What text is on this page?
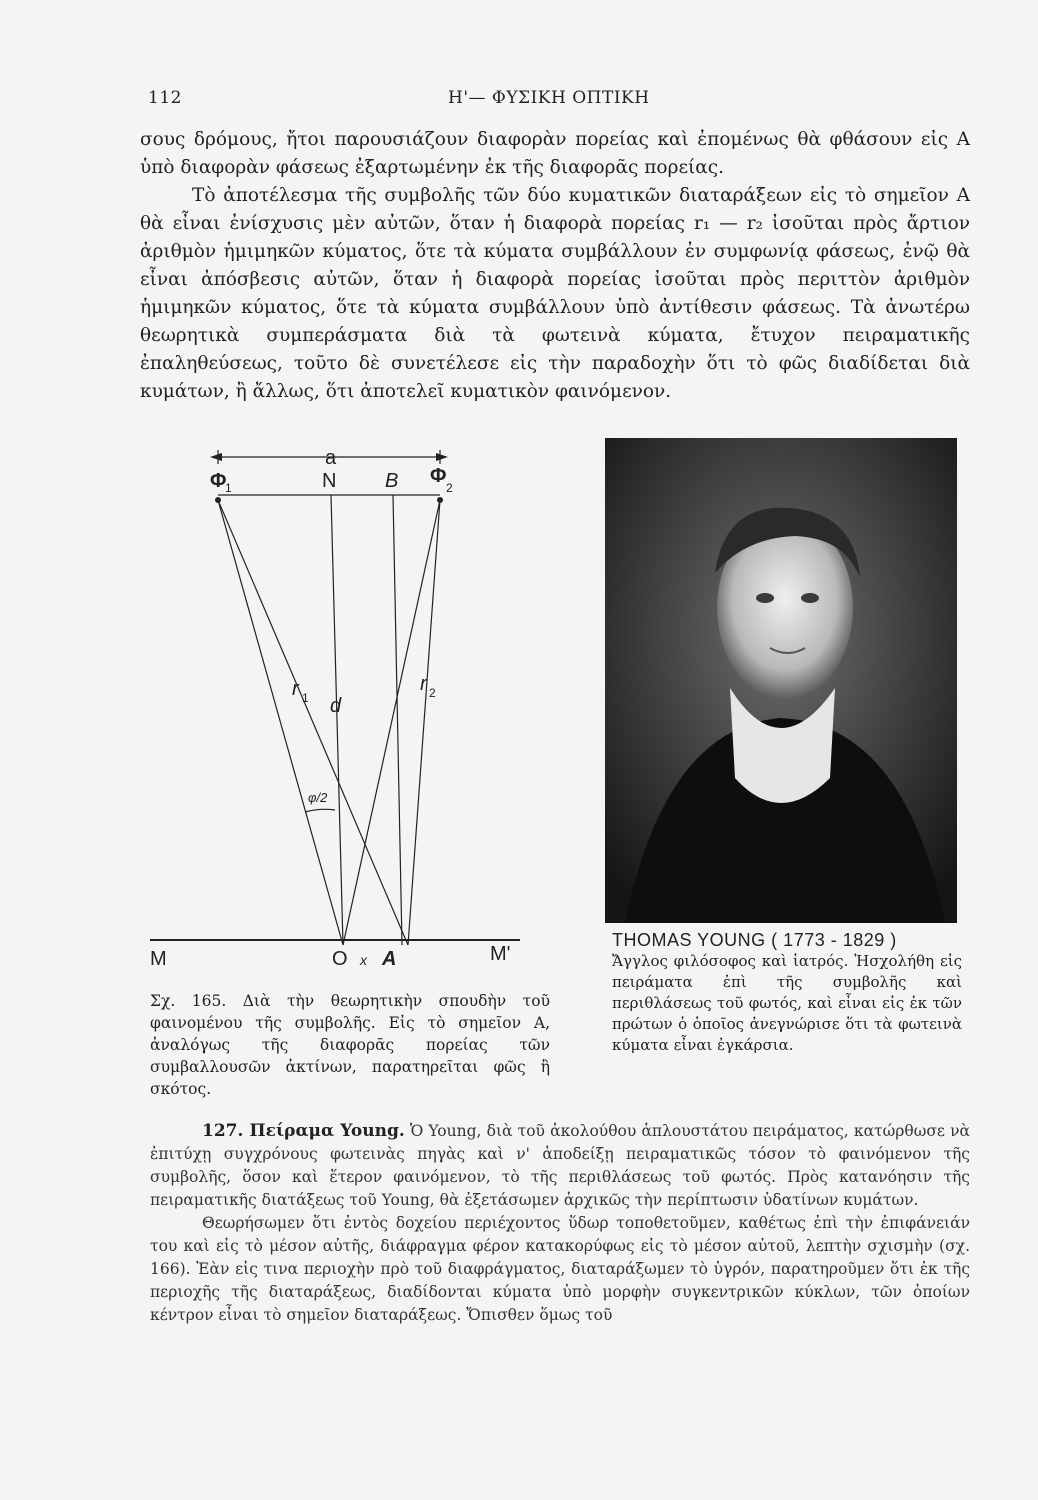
112	Η'— ΦΥΣΙΚΗ ΟΠΤΙΚΗ

σους δρόμους, ἤτοι παρουσιάζουν διαφορὰν πορείας καὶ ἐπομένως θὰ φθάσουν εἰς Α ὑπὸ διαφορὰν φάσεως ἐξαρτωμένην ἐκ τῆς διαφορᾶς πορείας.

Τὸ ἀποτέλεσμα τῆς συμβολῆς τῶν δύο κυματικῶν διαταράξεων εἰς τὸ σημεῖον Α θὰ εἶναι ἐνίσχυσις μὲν αὐτῶν, ὅταν ἡ διαφορὰ πορείας r₁ — r₂ ἰσοῦται πρὸς ἄρτιον ἀριθμὸν ἡμιμηκῶν κύματος, ὅτε τὰ κύματα συμβάλλουν ἐν συμφωνίᾳ φάσεως, ἐνῷ θὰ εἶναι ἀπόσβεσις αὐτῶν, ὅταν ἡ διαφορὰ πορείας ἰσοῦται πρὸς περιττὸν ἀριθμὸν ἡμιμηκῶν κύματος, ὅτε τὰ κύματα συμβάλλουν ὑπὸ ἀντίθεσιν φάσεως. Τὰ ἀνωτέρω θεωρητικὰ συμπεράσματα διὰ τὰ φωτεινὰ κύματα, ἔτυχον πειραματικῆς ἐπαληθεύσεως, τοῦτο δὲ συνετέλεσε εἰς τὴν παραδοχὴν ὅτι τὸ φῶς διαδίδεται διὰ κυμάτων, ἢ ἄλλως, ὅτι ἀποτελεῖ κυματικὸν φαινόμενον.

a
Φ
1	N B Φ
2
r 1
r 2
d
φ/2
M	O x A	M'
Σχ. 165. Διὰ τὴν θεωρητικὴν σπουδὴν τοῦ φαινομένου τῆς συμβολῆς. Εἰς τὸ σημεῖον Α, ἀναλόγως τῆς διαφορᾶς πορείας τῶν συμβαλλουσῶν ἀκτίνων, παρατηρεῖται φῶς ἢ σκότος.
THOMAS YOUNG ( 1773 - 1829 )
Ἄγγλος φιλόσοφος καὶ ἰατρός. Ἠσχολήθη εἰς πειράματα ἐπὶ τῆς συμβολῆς καὶ περιθλάσεως τοῦ φωτός, καὶ εἶναι εἰς ἐκ τῶν πρώτων ὁ ὁποῖος ἀνεγνώρισε ὅτι τὰ φωτεινὰ κύματα εἶναι ἐγκάρσια.

127. Πείραμα Young. Ὁ Young, διὰ τοῦ ἀκολούθου ἁπλουστάτου πειράματος, κατώρθωσε νὰ ἐπιτύχῃ συγχρόνους φωτεινὰς πηγὰς καὶ ν' ἀποδείξῃ πειραματικῶς τόσον τὸ φαινόμενον τῆς συμβολῆς, ὅσον καὶ ἕτερον φαινόμενον, τὸ τῆς περιθλάσεως τοῦ φωτός. Πρὸς κατανόησιν τῆς πειραματικῆς διατάξεως τοῦ Young, θὰ ἐξετάσωμεν ἀρχικῶς τὴν περίπτωσιν ὑδατίνων κυμάτων.

Θεωρήσωμεν ὅτι ἐντὸς δοχείου περιέχοντος ὕδωρ τοποθετοῦμεν, καθέτως ἐπὶ τὴν ἐπιφάνειάν του καὶ εἰς τὸ μέσον αὐτῆς, διάφραγμα φέρον κατακορύφως εἰς τὸ μέσον αὐτοῦ, λεπτὴν σχισμὴν (σχ. 166). Ἐὰν εἰς τινα περιοχὴν πρὸ τοῦ διαφράγματος, διαταράξωμεν τὸ ὑγρόν, παρατηροῦμεν ὅτι ἐκ τῆς περιοχῆς τῆς διαταράξεως, διαδίδονται κύματα ὑπὸ μορφὴν συγκεντρικῶν κύκλων, τῶν ὁποίων κέντρον εἶναι τὸ σημεῖον διαταράξεως. Ὄπισθεν ὅμως τοῦ
